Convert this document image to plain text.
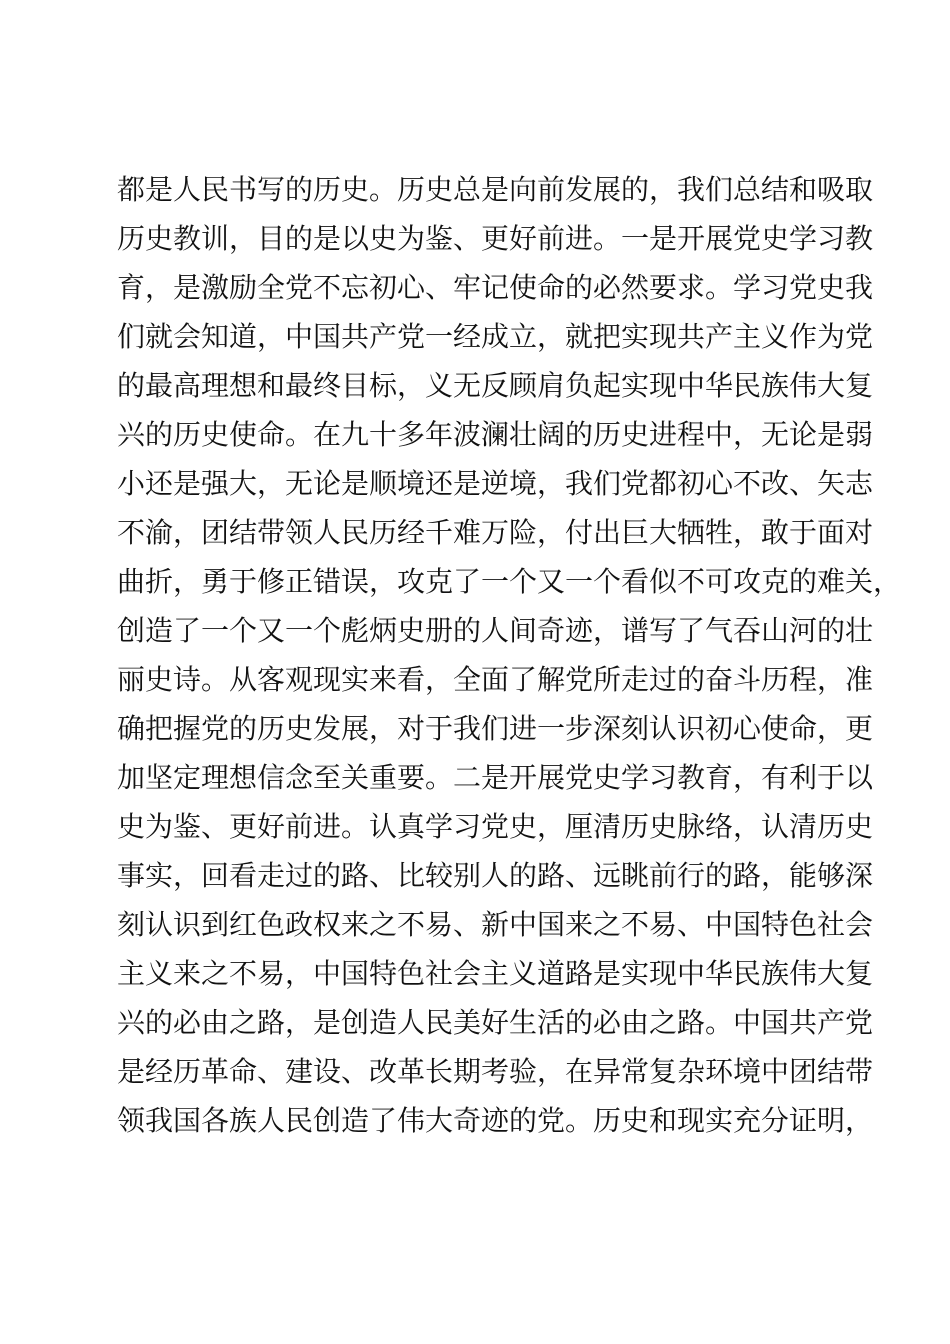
都是人民书写的历史。历史总是向前发展的，我们总结和吸取
历史教训，目的是以史为鉴、更好前进。一是开展党史学习教
育，是激励全党不忘初心、牢记使命的必然要求。学习党史我
们就会知道，中国共产党一经成立，就把实现共产主义作为党
的最高理想和最终目标，义无反顾肩负起实现中华民族伟大复
兴的历史使命。在九十多年波澜壮阔的历史进程中，无论是弱
小还是强大，无论是顺境还是逆境，我们党都初心不改、矢志
不渝，团结带领人民历经千难万险，付出巨大牺牲，敢于面对
曲折，勇于修正错误，攻克了一个又一个看似不可攻克的难关，
创造了一个又一个彪炳史册的人间奇迹，谱写了气吞山河的壮
丽史诗。从客观现实来看，全面了解党所走过的奋斗历程，准
确把握党的历史发展，对于我们进一步深刻认识初心使命，更
加坚定理想信念至关重要。二是开展党史学习教育，有利于以
史为鉴、更好前进。认真学习党史，厘清历史脉络，认清历史
事实，回看走过的路、比较别人的路、远眺前行的路，能够深
刻认识到红色政权来之不易、新中国来之不易、中国特色社会
主义来之不易，中国特色社会主义道路是实现中华民族伟大复
兴的必由之路，是创造人民美好生活的必由之路。中国共产党
是经历革命、建设、改革长期考验，在异常复杂环境中团结带
领我国各族人民创造了伟大奇迹的党。历史和现实充分证明，
